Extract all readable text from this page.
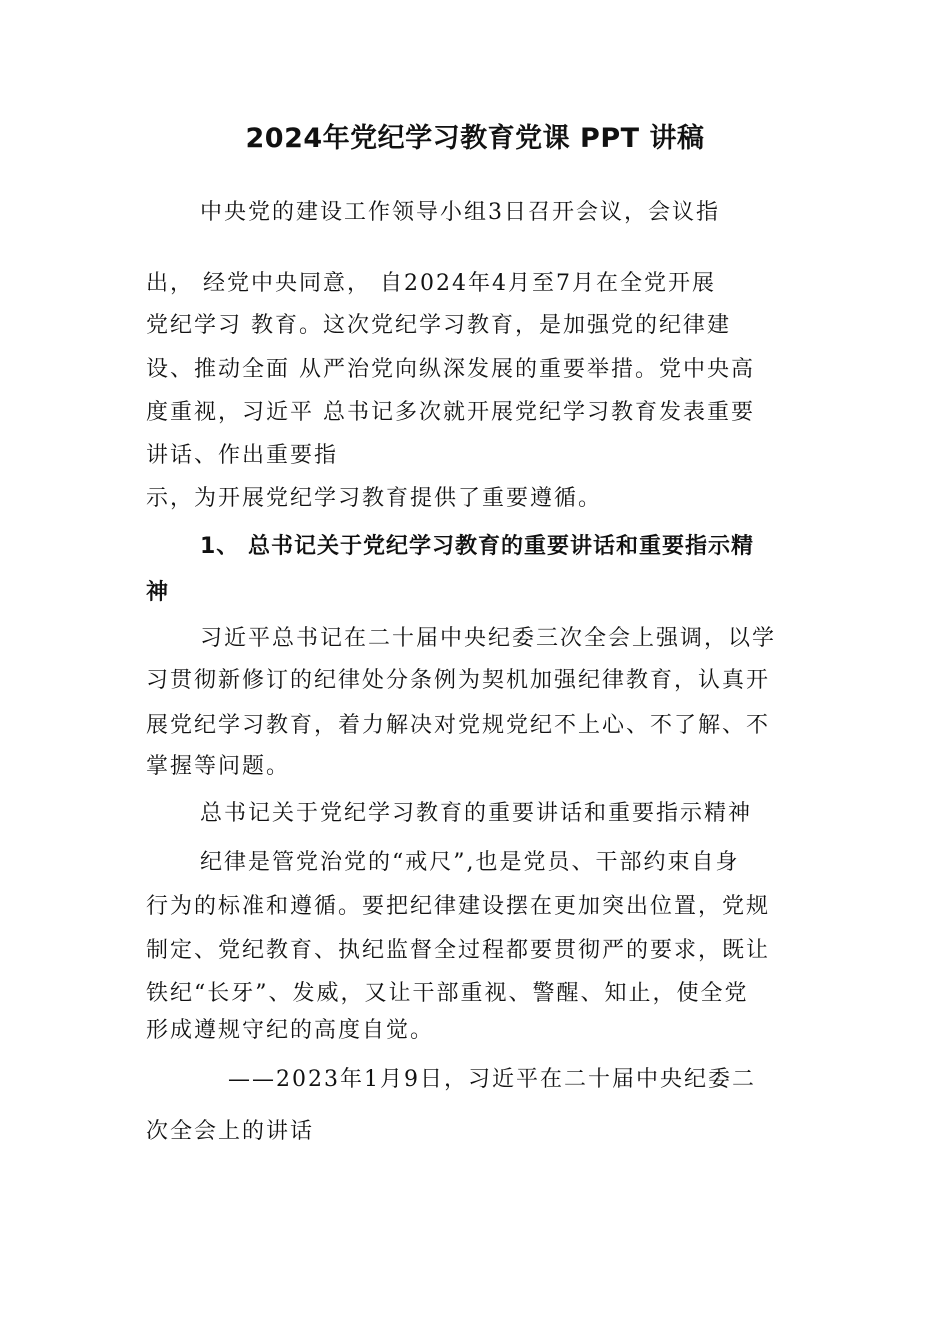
2024年党纪学习教育党课 PPT 讲稿
中央党的建设工作领导小组3日召开会议，会议指
出， 经党中央同意， 自2024年4月至7月在全党开展
党纪学习 教育。这次党纪学习教育，是加强党的纪律建
设、推动全面 从严治党向纵深发展的重要举措。党中央高
度重视，习近平 总书记多次就开展党纪学习教育发表重要
讲话、作出重要指
示，为开展党纪学习教育提供了重要遵循。
1、 总书记关于党纪学习教育的重要讲话和重要指示精
神
习近平总书记在二十届中央纪委三次全会上强调，以学
习贯彻新修订的纪律处分条例为契机加强纪律教育，认真开
展党纪学习教育，着力解决对党规党纪不上心、不了解、不
掌握等问题。
总书记关于党纪学习教育的重要讲话和重要指示精神
纪律是管党治党的“戒尺”,也是党员、干部约束自身
行为的标准和遵循。要把纪律建设摆在更加突出位置，党规
制定、党纪教育、执纪监督全过程都要贯彻严的要求，既让
铁纪“长牙”、发威，又让干部重视、警醒、知止，使全党
形成遵规守纪的高度自觉。
——2023年1月9日，习近平在二十届中央纪委二
次全会上的讲话
